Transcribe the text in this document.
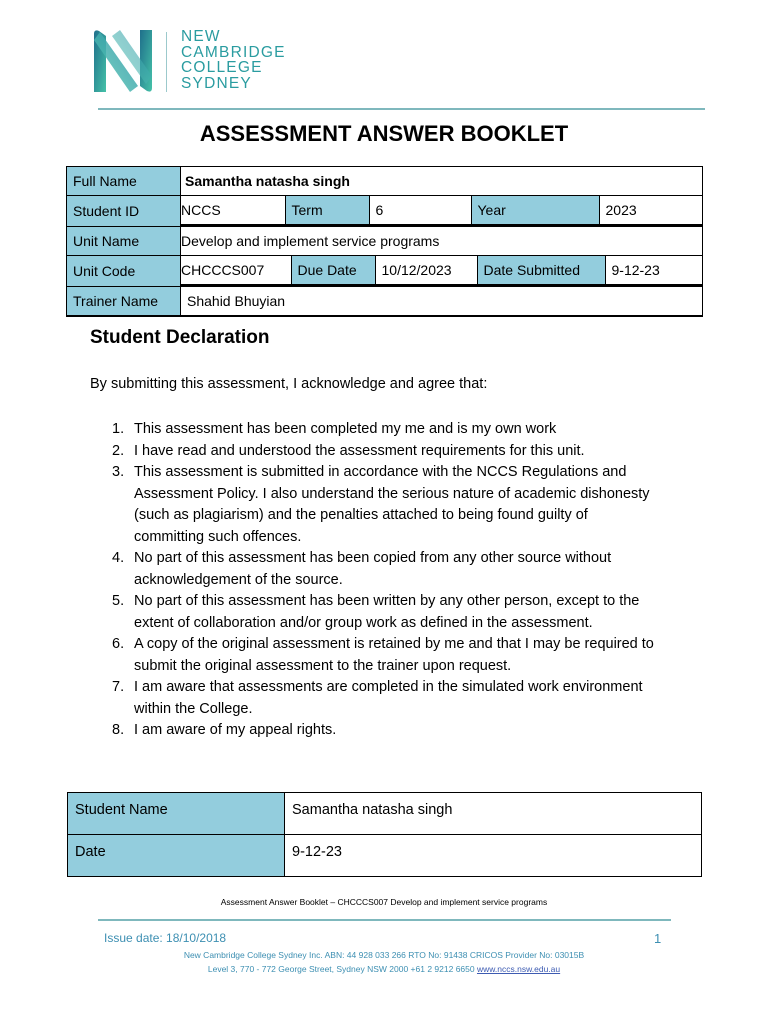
NEW
CAMBRIDGE
COLLEGE
SYDNEY
ASSESSMENT ANSWER BOOKLET
Full Name	Samantha natasha singh
Student ID		NCCS	Term	6	Year	2023

Unit Name	Develop and implement service programs
Unit Code		CHCCCS007	Due Date	10/12/2023	Date Submitted	9-12-23

Trainer Name	Shahid Bhuyian
Student Declaration
By submitting this assessment, I acknowledge and agree that:
1. This assessment has been completed my me and is my own work
2. I have read and understood the assessment requirements for this unit.
3. This assessment is submitted in accordance with the NCCS Regulations and
Assessment Policy. I also understand the serious nature of academic dishonesty
(such as plagiarism) and the penalties attached to being found guilty of
committing such offences.
4. No part of this assessment has been copied from any other source without
acknowledgement of the source.
5. No part of this assessment has been written by any other person, except to the
extent of collaboration and/or group work as defined in the assessment.
6. A copy of the original assessment is retained by me and that I may be required to
submit the original assessment to the trainer upon request.
7. I am aware that assessments are completed in the simulated work environment
within the College.
8. I am aware of my appeal rights.
Student Name	Samantha natasha singh

Date	9-12-23
Assessment Answer Booklet – CHCCCS007 Develop and implement service programs
Issue date: 18/10/2018	1
New Cambridge College Sydney Inc. ABN: 44 928 033 266 RTO No: 91438 CRICOS Provider No: 03015B
Level 3, 770 - 772 George Street, Sydney NSW 2000 +61 2 9212 6650 www.nccs.nsw.edu.au
